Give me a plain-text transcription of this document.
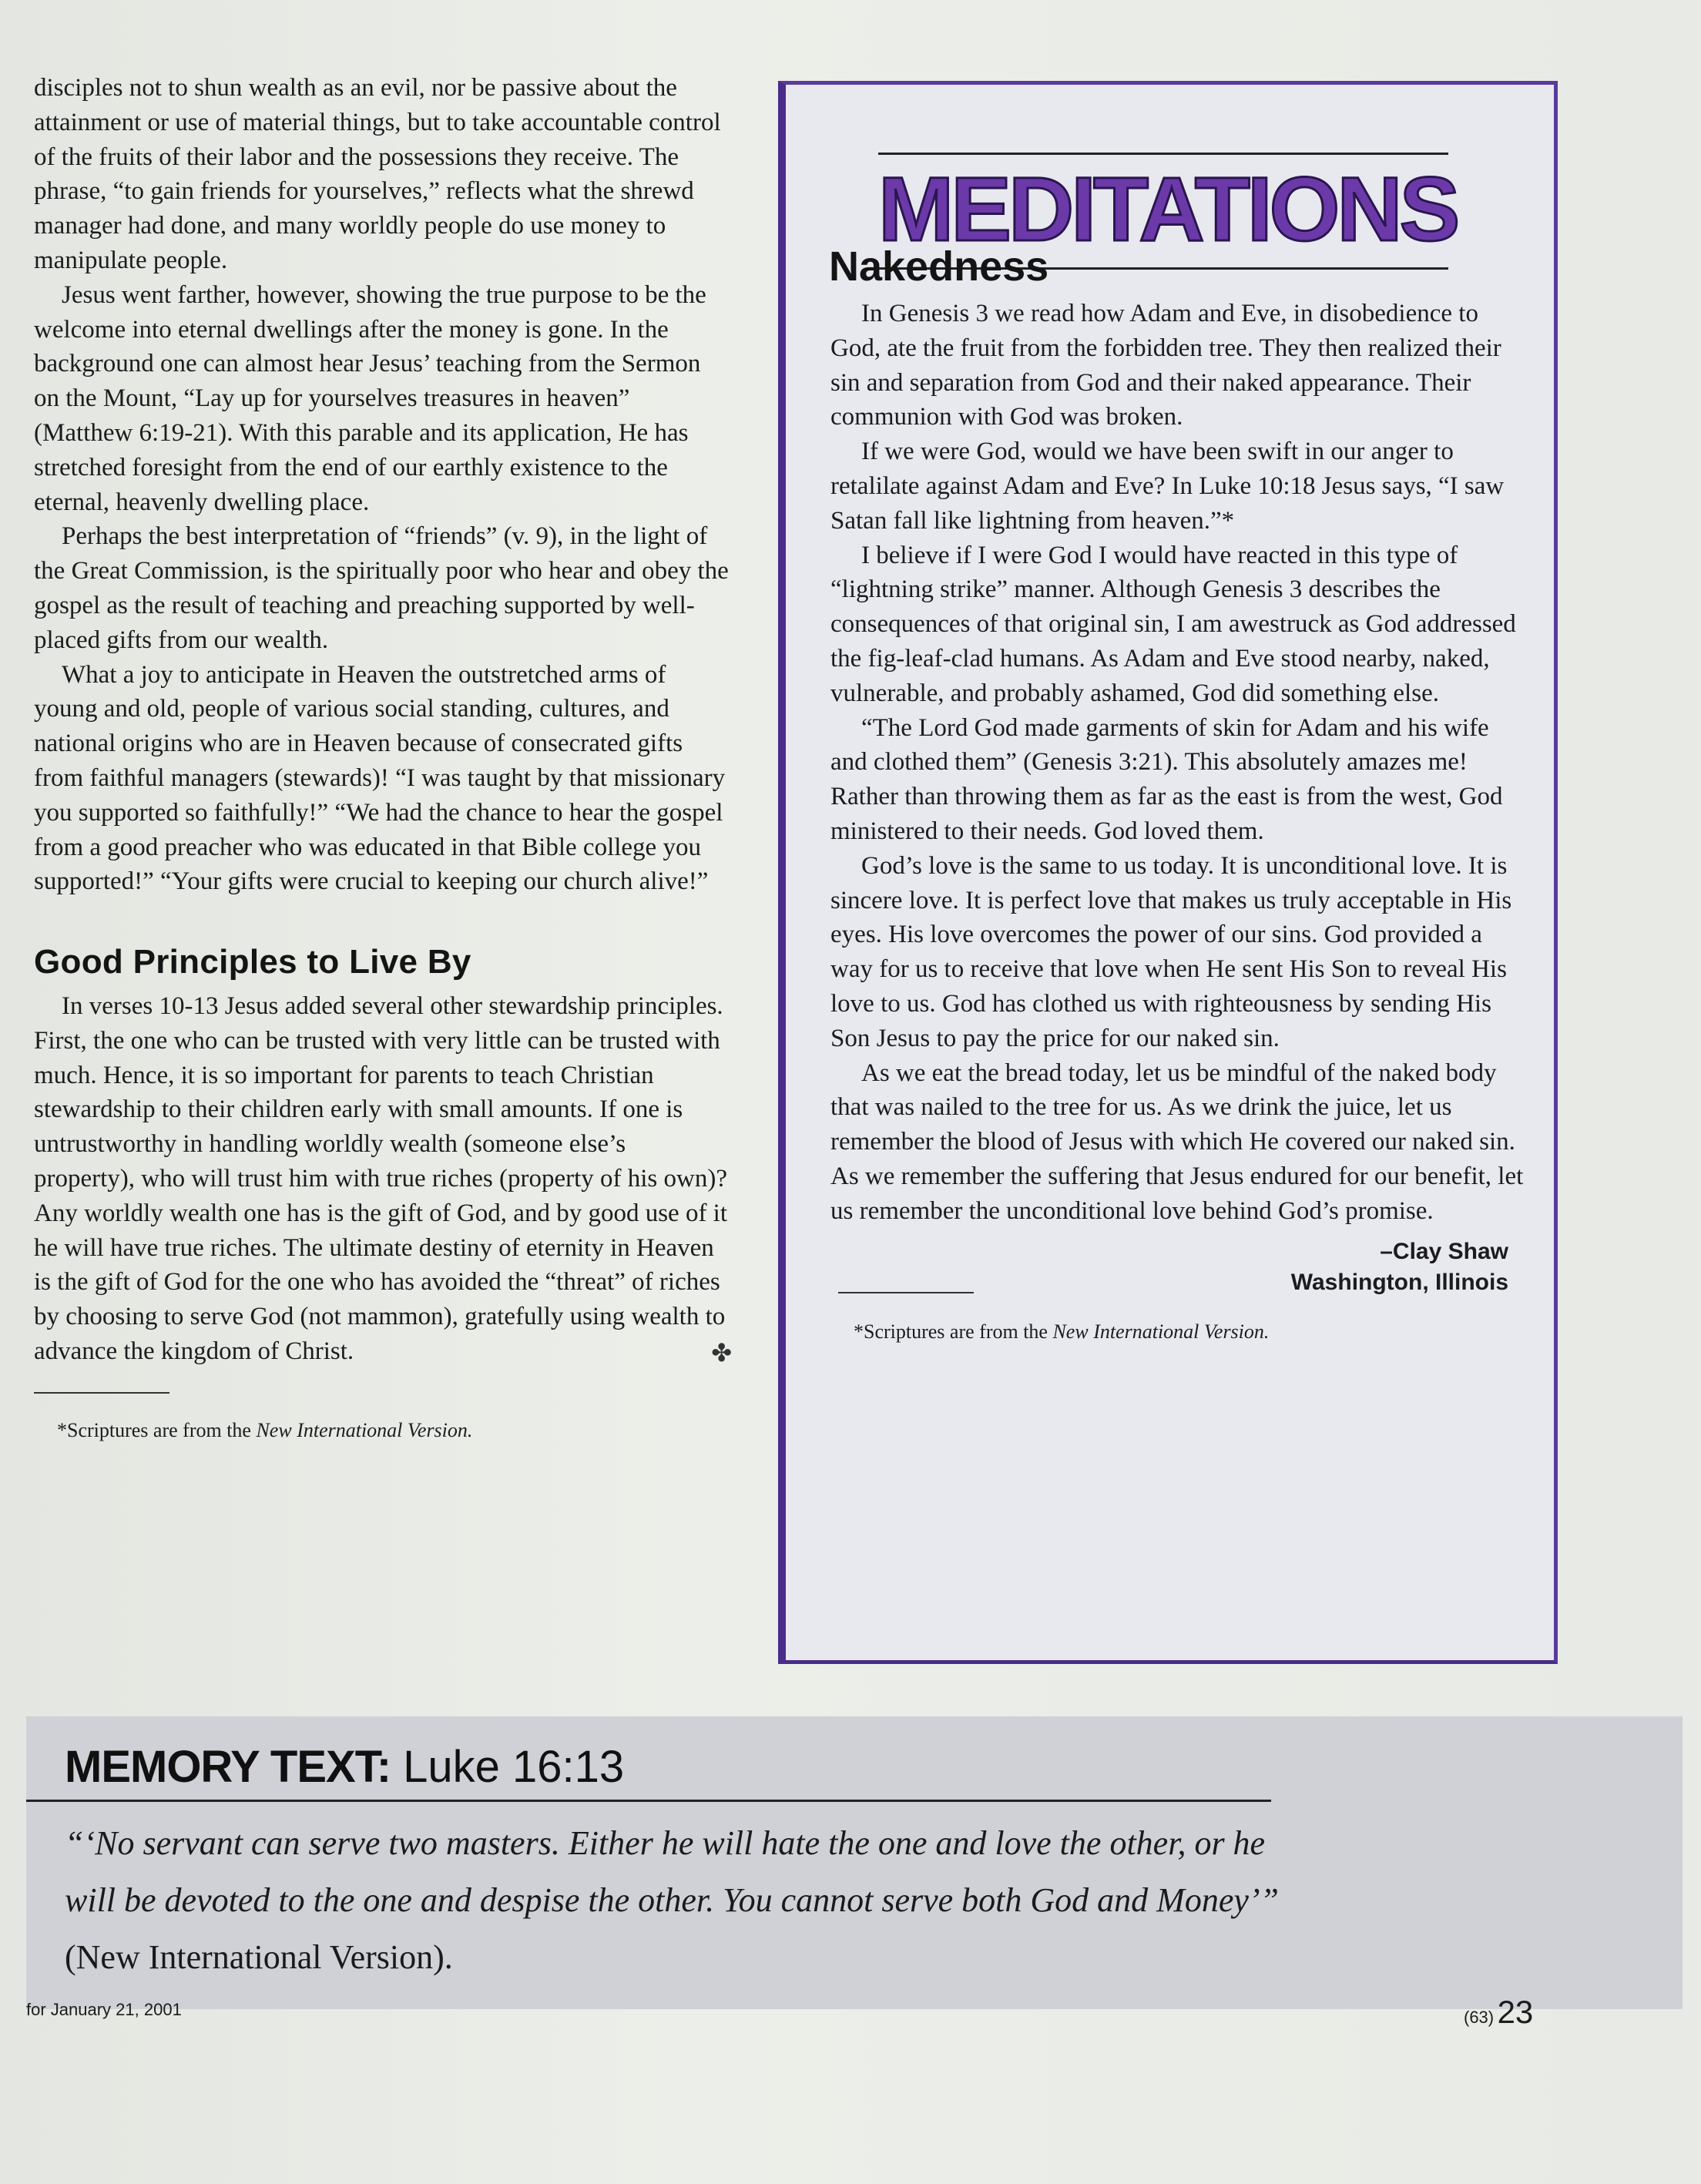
disciples not to shun wealth as an evil, nor be passive about the attainment or use of material things, but to take accountable control of the fruits of their labor and the possessions they receive. The phrase, “to gain friends for yourselves,” reflects what the shrewd manager had done, and many worldly people do use money to manipulate people.

Jesus went farther, however, showing the true purpose to be the welcome into eternal dwellings after the money is gone. In the background one can almost hear Jesus’ teaching from the Sermon on the Mount, “Lay up for yourselves treasures in heaven” (Matthew 6:19-21). With this parable and its application, He has stretched foresight from the end of our earthly existence to the eternal, heavenly dwelling place.

Perhaps the best interpretation of “friends” (v. 9), in the light of the Great Commission, is the spiritually poor who hear and obey the gospel as the result of teaching and preaching supported by well-placed gifts from our wealth.

What a joy to anticipate in Heaven the outstretched arms of young and old, people of various social standing, cultures, and national origins who are in Heaven because of consecrated gifts from faithful managers (stewards)! “I was taught by that missionary you supported so faithfully!” “We had the chance to hear the gospel from a good preacher who was educated in that Bible college you supported!” “Your gifts were crucial to keeping our church alive!”

Good Principles to Live By

In verses 10-13 Jesus added several other stewardship principles. First, the one who can be trusted with very little can be trusted with much. Hence, it is so important for parents to teach Christian stewardship to their children early with small amounts. If one is untrustworthy in handling worldly wealth (someone else’s property), who will trust him with true riches (property of his own)? Any worldly wealth one has is the gift of God, and by good use of it he will have true riches. The ultimate destiny of eternity in Heaven is the gift of God for the one who has avoided the “threat” of riches by choosing to serve God (not mammon), gratefully using wealth to advance the kingdom of Christ.	✤

*Scriptures are from the New International Version.
MEDITATIONS
Nakedness

In Genesis 3 we read how Adam and Eve, in disobedience to God, ate the fruit from the forbidden tree. They then realized their sin and separation from God and their naked appearance. Their communion with God was broken.

If we were God, would we have been swift in our anger to retalilate against Adam and Eve? In Luke 10:18 Jesus says, “I saw Satan fall like lightning from heaven.”*

I believe if I were God I would have reacted in this type of “lightning strike” manner. Although Genesis 3 describes the consequences of that original sin, I am awestruck as God addressed the fig-leaf-clad humans. As Adam and Eve stood nearby, naked, vulnerable, and probably ashamed, God did something else.

“The Lord God made garments of skin for Adam and his wife and clothed them” (Genesis 3:21). This absolutely amazes me! Rather than throwing them as far as the east is from the west, God ministered to their needs. God loved them.

God’s love is the same to us today. It is unconditional love. It is sincere love. It is perfect love that makes us truly acceptable in His eyes. His love overcomes the power of our sins. God provided a way for us to receive that love when He sent His Son to reveal His love to us. God has clothed us with righteousness by sending His Son Jesus to pay the price for our naked sin.

As we eat the bread today, let us be mindful of the naked body that was nailed to the tree for us. As we drink the juice, let us remember the blood of Jesus with which He covered our naked sin. As we remember the suffering that Jesus endured for our benefit, let us remember the unconditional love behind God’s promise.

–Clay Shaw
Washington, Illinois
*Scriptures are from the New International Version.
MEMORY TEXT: Luke 16:13
“‘No servant can serve two masters. Either he will hate the one and love the other, or he will be devoted to the one and despise the other. You cannot serve both God and Money’” (New International Version).
for January 21, 2001	(63) 23
